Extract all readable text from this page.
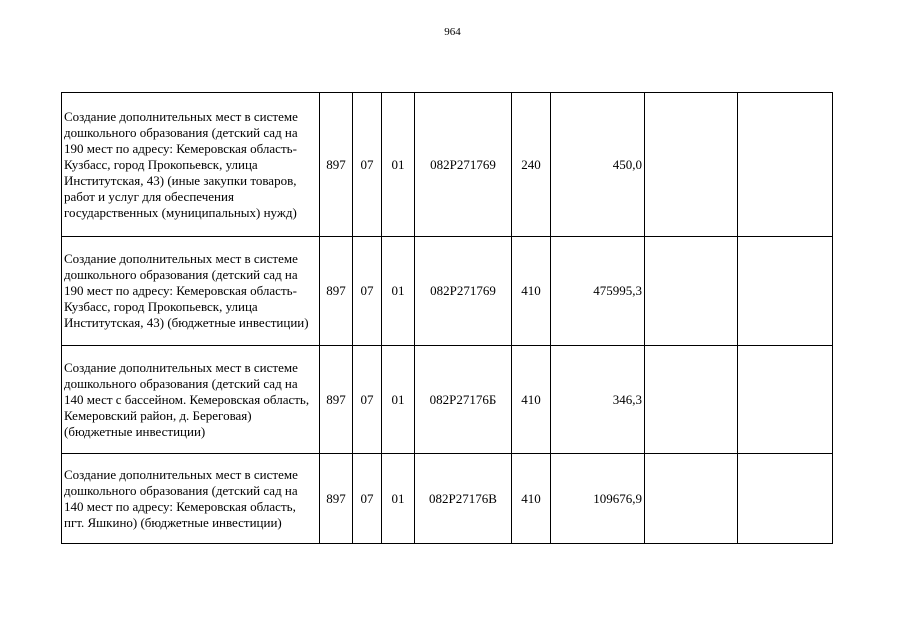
964
Создание дополнительных мест в системе дошкольного образования (детский сад на 190 мест по адресу: Кемеровская область-Кузбасс, город Прокопьевск, улица Институтская, 43) (иные закупки товаров, работ и услуг для обеспечения государственных (муниципальных) нужд)	897	07	01	082P271769	240	450,0		
Создание дополнительных мест в системе дошкольного образования (детский сад на 190 мест по адресу: Кемеровская область-Кузбасс, город Прокопьевск, улица Институтская, 43) (бюджетные инвестиции)	897	07	01	082P271769	410	475995,3		
Создание дополнительных мест в системе дошкольного образования (детский сад на 140 мест с бассейном. Кемеровская область, Кемеровский район, д. Береговая) (бюджетные инвестиции)	897	07	01	082P27176Б	410	346,3		
Создание дополнительных мест в системе дошкольного образования (детский сад на 140 мест по адресу: Кемеровская область, пгт. Яшкино) (бюджетные инвестиции)	897	07	01	082P27176В	410	109676,9		
